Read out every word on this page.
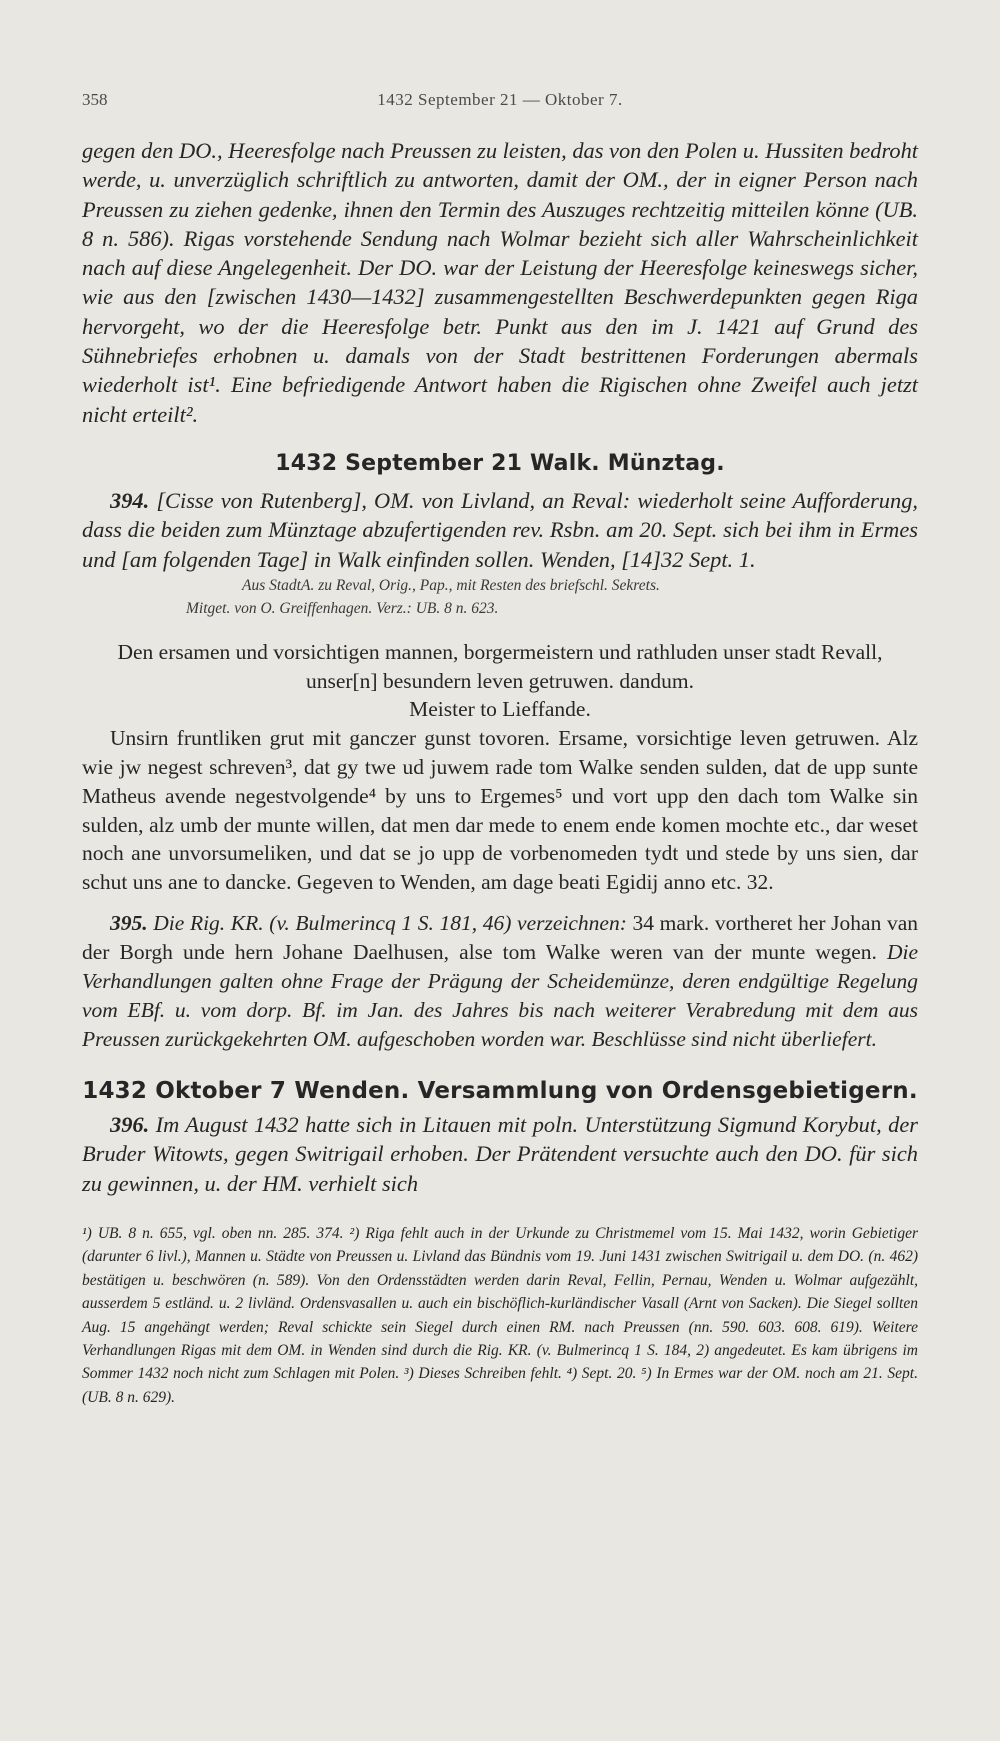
358	1432 September 21 — Oktober 7.

gegen den DO., Heeresfolge nach Preussen zu leisten, das von den Polen u. Hussiten bedroht werde, u. unverzüglich schriftlich zu antworten, damit der OM., der in eigner Person nach Preussen zu ziehen gedenke, ihnen den Termin des Auszuges rechtzeitig mitteilen könne (UB. 8 n. 586). Rigas vorstehende Sendung nach Wolmar bezieht sich aller Wahrscheinlichkeit nach auf diese Angelegenheit. Der DO. war der Leistung der Heeresfolge keineswegs sicher, wie aus den [zwischen 1430—1432] zusammengestellten Beschwerdepunkten gegen Riga hervorgeht, wo der die Heeresfolge betr. Punkt aus den im J. 1421 auf Grund des Sühnebriefes erhobnen u. damals von der Stadt bestrittenen Forderungen abermals wiederholt ist¹. Eine befriedigende Antwort haben die Rigischen ohne Zweifel auch jetzt nicht erteilt².

1432 September 21 Walk. Münztag.

394. [Cisse von Rutenberg], OM. von Livland, an Reval: wiederholt seine Aufforderung, dass die beiden zum Münztage abzufertigenden rev. Rsbn. am 20. Sept. sich bei ihm in Ermes und [am folgenden Tage] in Walk einfinden sollen. Wenden, [14]32 Sept. 1.

Aus StadtA. zu Reval, Orig., Pap., mit Resten des briefschl. Sekrets.
Mitget. von O. Greiffenhagen. Verz.: UB. 8 n. 623.

Den ersamen und vorsichtigen mannen, borgermeistern und rathluden unser stadt Revall, unser[n] besundern leven getruwen. dandum.

Meister to Lieffande.

Unsirn fruntliken grut mit ganczer gunst tovoren. Ersame, vorsichtige leven getruwen. Alz wie jw negest schreven³, dat gy twe ud juwem rade tom Walke senden sulden, dat de upp sunte Matheus avende negestvolgende⁴ by uns to Ergemes⁵ und vort upp den dach tom Walke sin sulden, alz umb der munte willen, dat men dar mede to enem ende komen mochte etc., dar weset noch ane unvorsumeliken, und dat se jo upp de vorbenomeden tydt und stede by uns sien, dar schut uns ane to dancke. Gegeven to Wenden, am dage beati Egidij anno etc. 32.

395. Die Rig. KR. (v. Bulmerincq 1 S. 181, 46) verzeichnen: 34 mark. vortheret her Johan van der Borgh unde hern Johane Daelhusen, alse tom Walke weren van der munte wegen. Die Verhandlungen galten ohne Frage der Prägung der Scheidemünze, deren endgültige Regelung vom EBf. u. vom dorp. Bf. im Jan. des Jahres bis nach weiterer Verabredung mit dem aus Preussen zurückgekehrten OM. aufgeschoben worden war. Beschlüsse sind nicht überliefert.

1432 Oktober 7 Wenden. Versammlung von Ordensgebietigern.

396. Im August 1432 hatte sich in Litauen mit poln. Unterstützung Sigmund Korybut, der Bruder Witowts, gegen Switrigail erhoben. Der Prätendent versuchte auch den DO. für sich zu gewinnen, u. der HM. verhielt sich

¹) UB. 8 n. 655, vgl. oben nn. 285. 374. ²) Riga fehlt auch in der Urkunde zu Christmemel vom 15. Mai 1432, worin Gebietiger (darunter 6 livl.), Mannen u. Städte von Preussen u. Livland das Bündnis vom 19. Juni 1431 zwischen Switrigail u. dem DO. (n. 462) bestätigen u. beschwören (n. 589). Von den Ordensstädten werden darin Reval, Fellin, Pernau, Wenden u. Wolmar aufgezählt, ausserdem 5 estländ. u. 2 livländ. Ordensvasallen u. auch ein bischöflich-kurländischer Vasall (Arnt von Sacken). Die Siegel sollten Aug. 15 angehängt werden; Reval schickte sein Siegel durch einen RM. nach Preussen (nn. 590. 603. 608. 619). Weitere Verhandlungen Rigas mit dem OM. in Wenden sind durch die Rig. KR. (v. Bulmerincq 1 S. 184, 2) angedeutet. Es kam übrigens im Sommer 1432 noch nicht zum Schlagen mit Polen. ³) Dieses Schreiben fehlt. ⁴) Sept. 20. ⁵) In Ermes war der OM. noch am 21. Sept. (UB. 8 n. 629).
